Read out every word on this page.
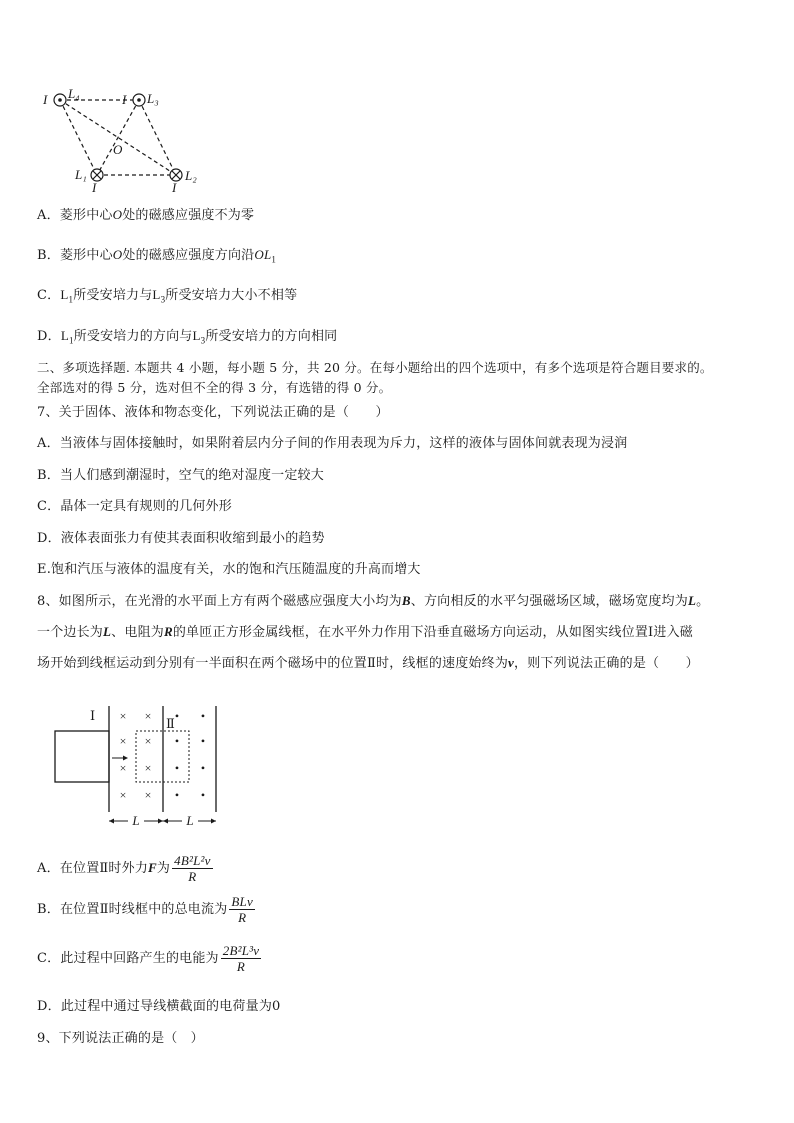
I L₄	I L₃
O
L₁	L₂
I	I
A．菱形中心O处的磁感应强度不为零
B．菱形中心O处的磁感应强度方向沿$OL_1$
C．$L_1$所受安培力与$L_3$所受安培力大小不相等
D．$L_1$所受安培力的方向与$L_3$所受安培力的方向相同
二、多项选择题. 本题共 4 小题，每小题 5 分，共 20 分。在每小题给出的四个选项中，有多个选项是符合题目要求的。
全部选对的得 5 分，选对但不全的得 3 分，有选错的得 0 分。
7、关于固体、液体和物态变化，下列说法正确的是（　　）
A．当液体与固体接触时，如果附着层内分子间的作用表现为斥力，这样的液体与固体间就表现为浸润
B．当人们感到潮湿时，空气的绝对湿度一定较大
C．晶体一定具有规则的几何外形
D．液体表面张力有使其表面积收缩到最小的趋势
E.饱和汽压与液体的温度有关，水的饱和汽压随温度的升高而增大
8、如图所示，在光滑的水平面上方有两个磁感应强度大小均为B、方向相反的水平匀强磁场区域，磁场宽度均为L。
一个边长为L、电阻为R的单匝正方形金属线框，在水平外力作用下沿垂直磁场方向运动，从如图实线位置Ⅰ进入磁
场开始到线框运动到分别有一半面积在两个磁场中的位置Ⅱ时，线框的速度始终为v，则下列说法正确的是（　　）
Ⅰ
Ⅱ
× ×
× ×
× ×
× ×
• •
• •
• •
• •
L	L
A．在位置Ⅱ时外力F为 $\frac{\text{4B²L²v}}{R}$
B．在位置Ⅱ时线框中的总电流为 $\frac{\text{BLv}}{R}$
C．此过程中回路产生的电能为 $\frac{\text{2B²L³v}}{R}$
D．此过程中通过导线横截面的电荷量为0
9、下列说法正确的是（　）
